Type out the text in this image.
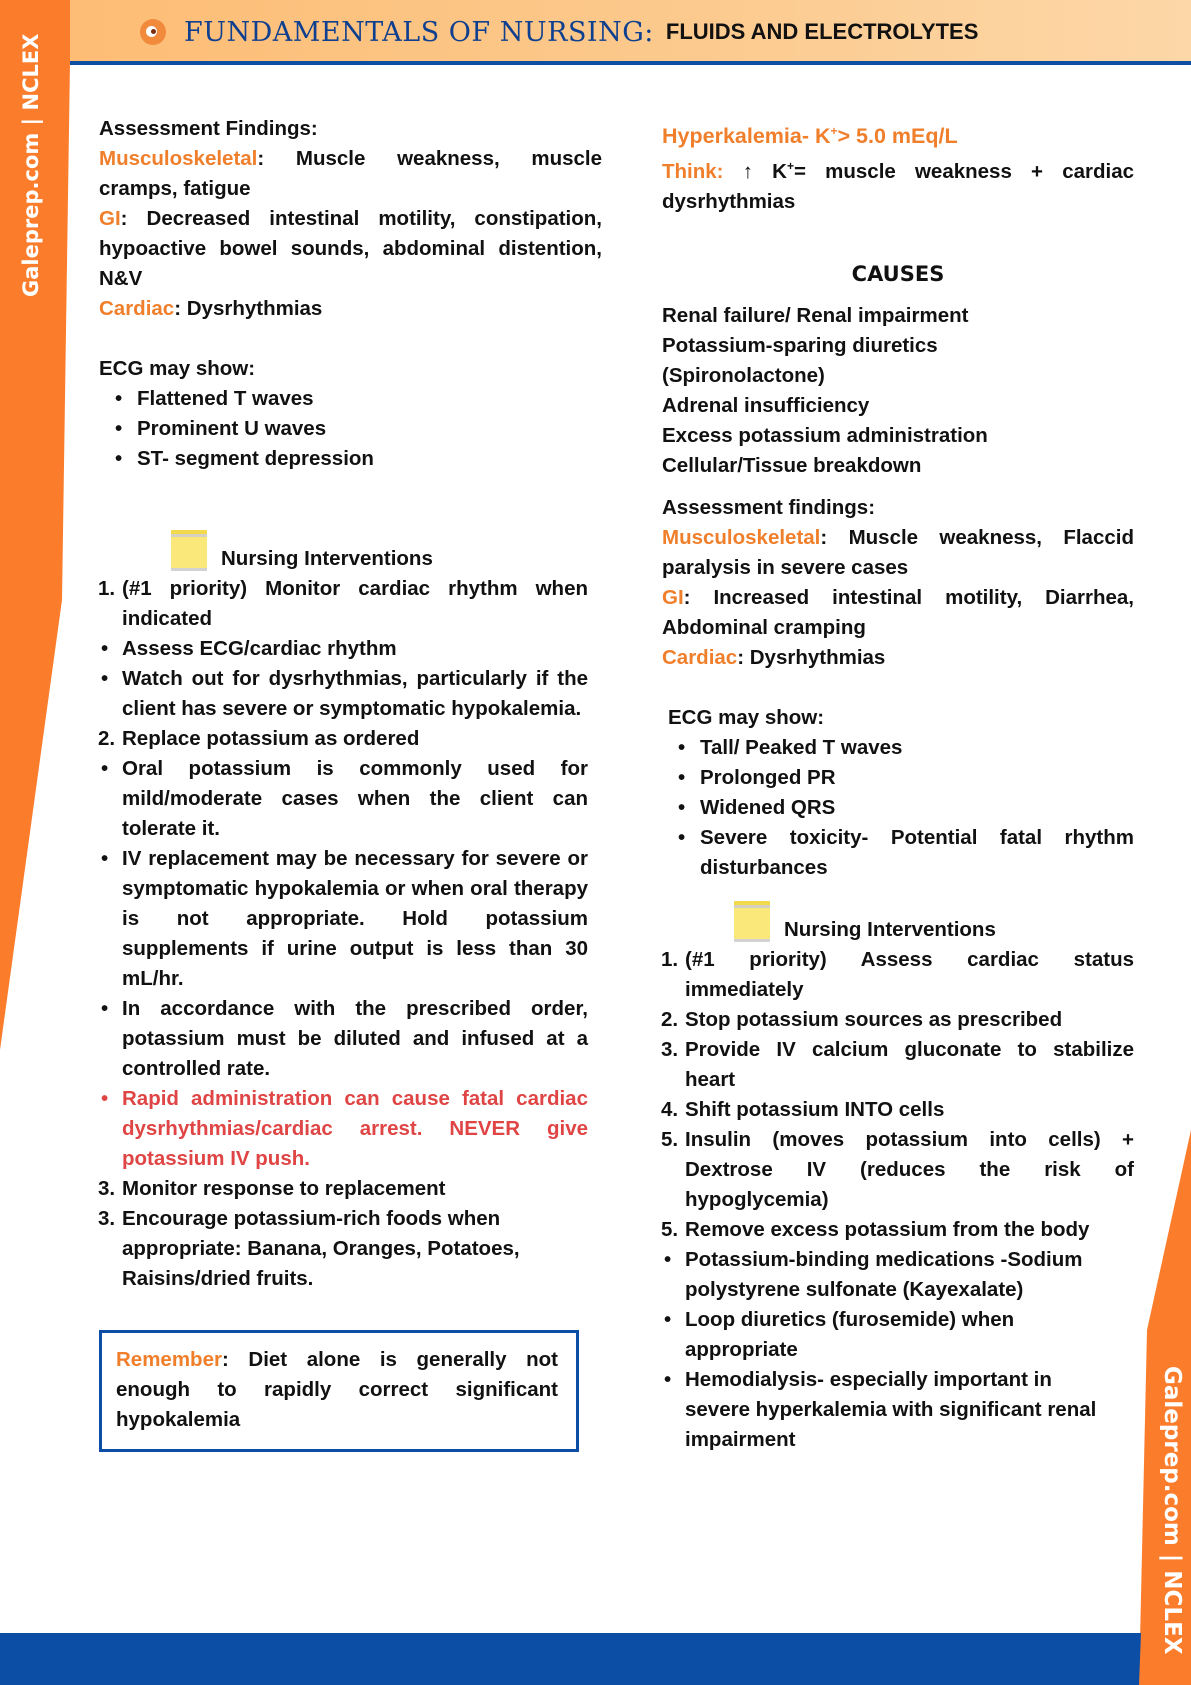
FUNDAMENTALS OF NURSING: FLUIDS AND ELECTROLYTES
Galeprep.com | NCLEX
Galeprep.com | NCLEX
Assessment Findings:
Musculoskeletal: Muscle weakness, muscle cramps, fatigue
GI: Decreased intestinal motility, constipation, hypoactive bowel sounds, abdominal distention, N&V
Cardiac: Dysrhythmias
ECG may show:
• Flattened T waves
• Prominent U waves
• ST- segment depression
Nursing Interventions
1. (#1 priority) Monitor cardiac rhythm when indicated
• Assess ECG/cardiac rhythm
• Watch out for dysrhythmias, particularly if the client has severe or symptomatic hypokalemia.
2. Replace potassium as ordered
• Oral potassium is commonly used for mild/moderate cases when the client can tolerate it.
• IV replacement may be necessary for severe or symptomatic hypokalemia or when oral therapy is not appropriate. Hold potassium supplements if urine output is less than 30 mL/hr.
• In accordance with the prescribed order, potassium must be diluted and infused at a controlled rate.
• Rapid administration can cause fatal cardiac dysrhythmias/cardiac arrest. NEVER give potassium IV push.
3. Monitor response to replacement
3. Encourage potassium-rich foods when appropriate: Banana, Oranges, Potatoes, Raisins/dried fruits.
Remember: Diet alone is generally not enough to rapidly correct significant hypokalemia
Hyperkalemia- K+> 5.0 mEq/L
Think: ↑ K+= muscle weakness + cardiac dysrhythmias
CAUSES
Renal failure/ Renal impairment
Potassium-sparing diuretics (Spironolactone)
Adrenal insufficiency
Excess potassium administration
Cellular/Tissue breakdown
Assessment findings:
Musculoskeletal: Muscle weakness, Flaccid paralysis in severe cases
GI: Increased intestinal motility, Diarrhea, Abdominal cramping
Cardiac: Dysrhythmias
ECG may show:
• Tall/ Peaked T waves
• Prolonged PR
• Widened QRS
• Severe toxicity- Potential fatal rhythm disturbances
Nursing Interventions
1. (#1 priority) Assess cardiac status immediately
2. Stop potassium sources as prescribed
3. Provide IV calcium gluconate to stabilize heart
4. Shift potassium INTO cells
5. Insulin (moves potassium into cells) + Dextrose IV (reduces the risk of hypoglycemia)
5. Remove excess potassium from the body
• Potassium-binding medications -Sodium polystyrene sulfonate (Kayexalate)
• Loop diuretics (furosemide) when appropriate
• Hemodialysis- especially important in severe hyperkalemia with significant renal impairment
